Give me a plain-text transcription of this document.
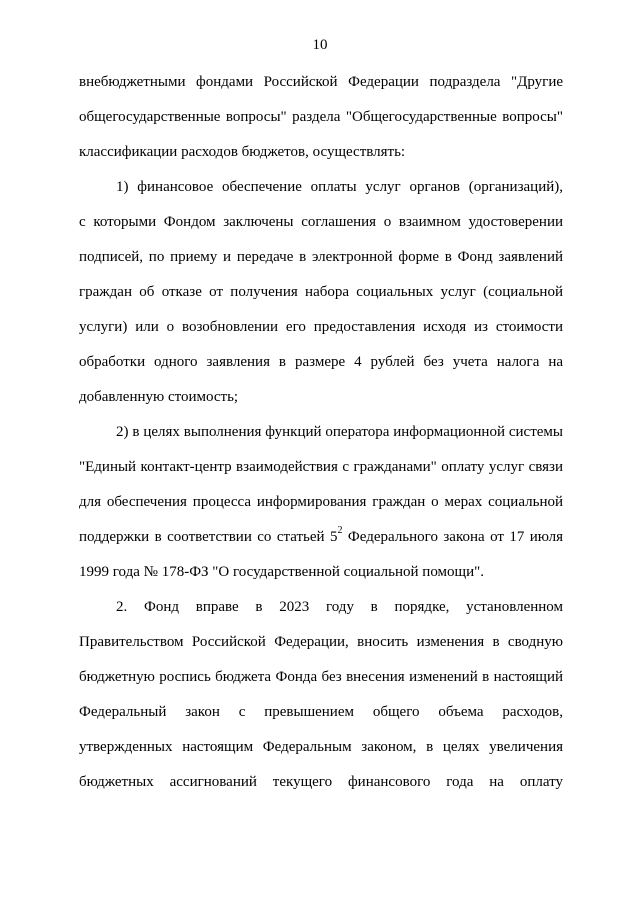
10
внебюджетными фондами Российской Федерации подраздела "Другие
общегосударственные вопросы" раздела "Общегосударственные вопросы"
классификации расходов бюджетов, осуществлять:
1) финансовое обеспечение оплаты услуг органов (организаций),
с которыми Фондом заключены соглашения о взаимном удостоверении
подписей, по приему и передаче в электронной форме в Фонд заявлений
граждан об отказе от получения набора социальных услуг (социальной
услуги) или о возобновлении его предоставления исходя из стоимости
обработки одного заявления в размере 4 рублей без учета налога на
добавленную стоимость;
2) в целях выполнения функций оператора информационной системы
"Единый контакт-центр взаимодействия с гражданами" оплату услуг связи
для обеспечения процесса информирования граждан о мерах социальной
поддержки в соответствии со статьей $5^2$ Федерального закона от 17 июля
1999 года № 178-ФЗ "О государственной социальной помощи".
2. Фонд вправе в 2023 году в порядке, установленном
Правительством Российской Федерации, вносить изменения в сводную
бюджетную роспись бюджета Фонда без внесения изменений в настоящий
Федеральный закон с превышением общего объема расходов,
утвержденных настоящим Федеральным законом, в целях увеличения
бюджетных ассигнований текущего финансового года на оплату
